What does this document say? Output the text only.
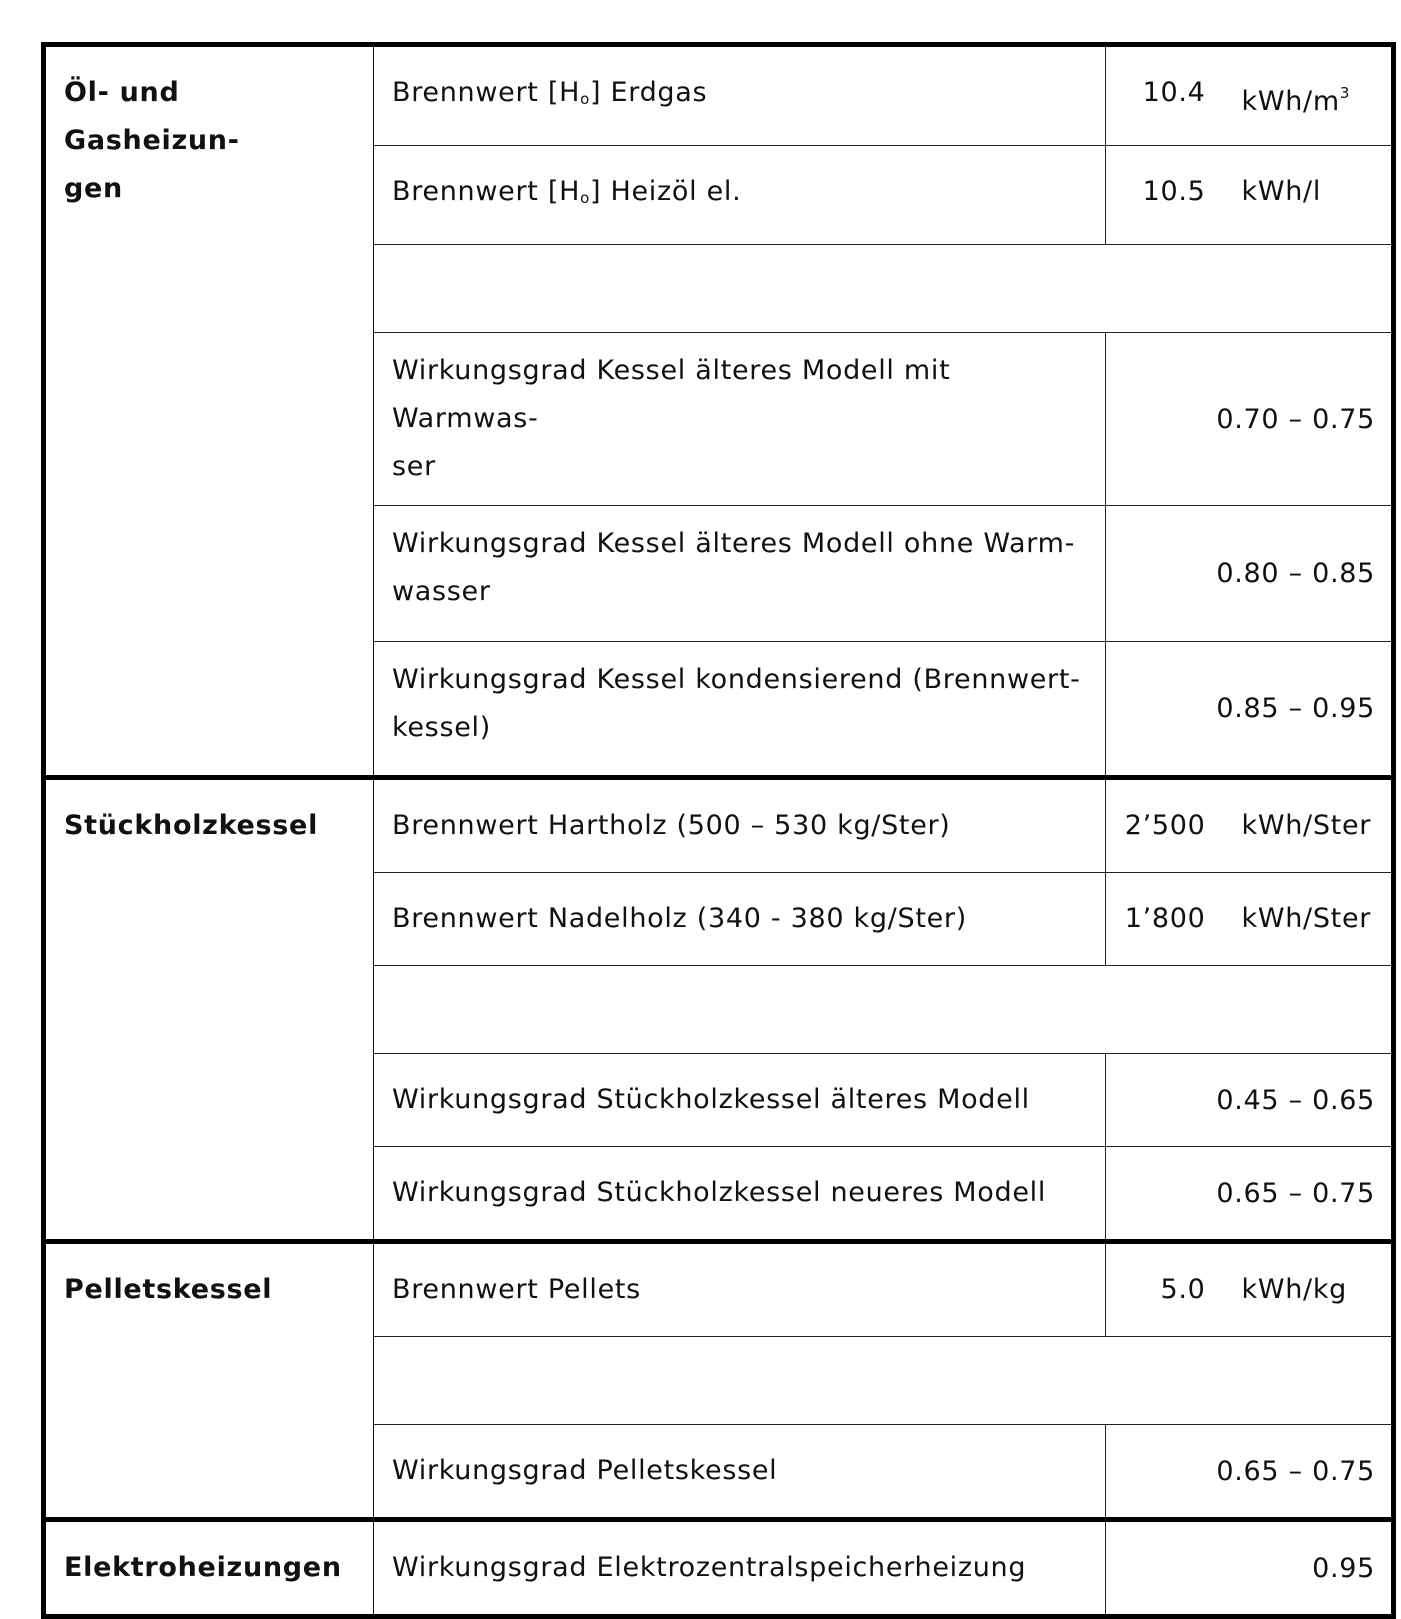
Öl- und Gasheizun-
gen	Brennwert $[H_o]$ Erdgas	10.4	kWh/$m^3$
	Brennwert $[H_o]$ Heizöl el.	10.5	kWh/l

	Wirkungsgrad Kessel älteres Modell mit Warmwas-
ser	0.70 – 0.75	
	Wirkungsgrad Kessel älteres Modell ohne Warm-
wasser	0.80 – 0.85	
	Wirkungsgrad Kessel kondensierend (Brennwert-
kessel)	0.85 – 0.95	
Stückholzkessel	Brennwert Hartholz (500 – 530 kg/Ster)	2’500	kWh/Ster
	Brennwert Nadelholz (340 - 380 kg/Ster)	1’800	kWh/Ster

	Wirkungsgrad Stückholzkessel älteres Modell	0.45 – 0.65	
	Wirkungsgrad Stückholzkessel neueres Modell	0.65 – 0.75	
Pelletskessel	Brennwert Pellets	5.0	kWh/kg

	Wirkungsgrad Pelletskessel	0.65 – 0.75	
Elektroheizungen	Wirkungsgrad Elektrozentralspeicherheizung	0.95	
